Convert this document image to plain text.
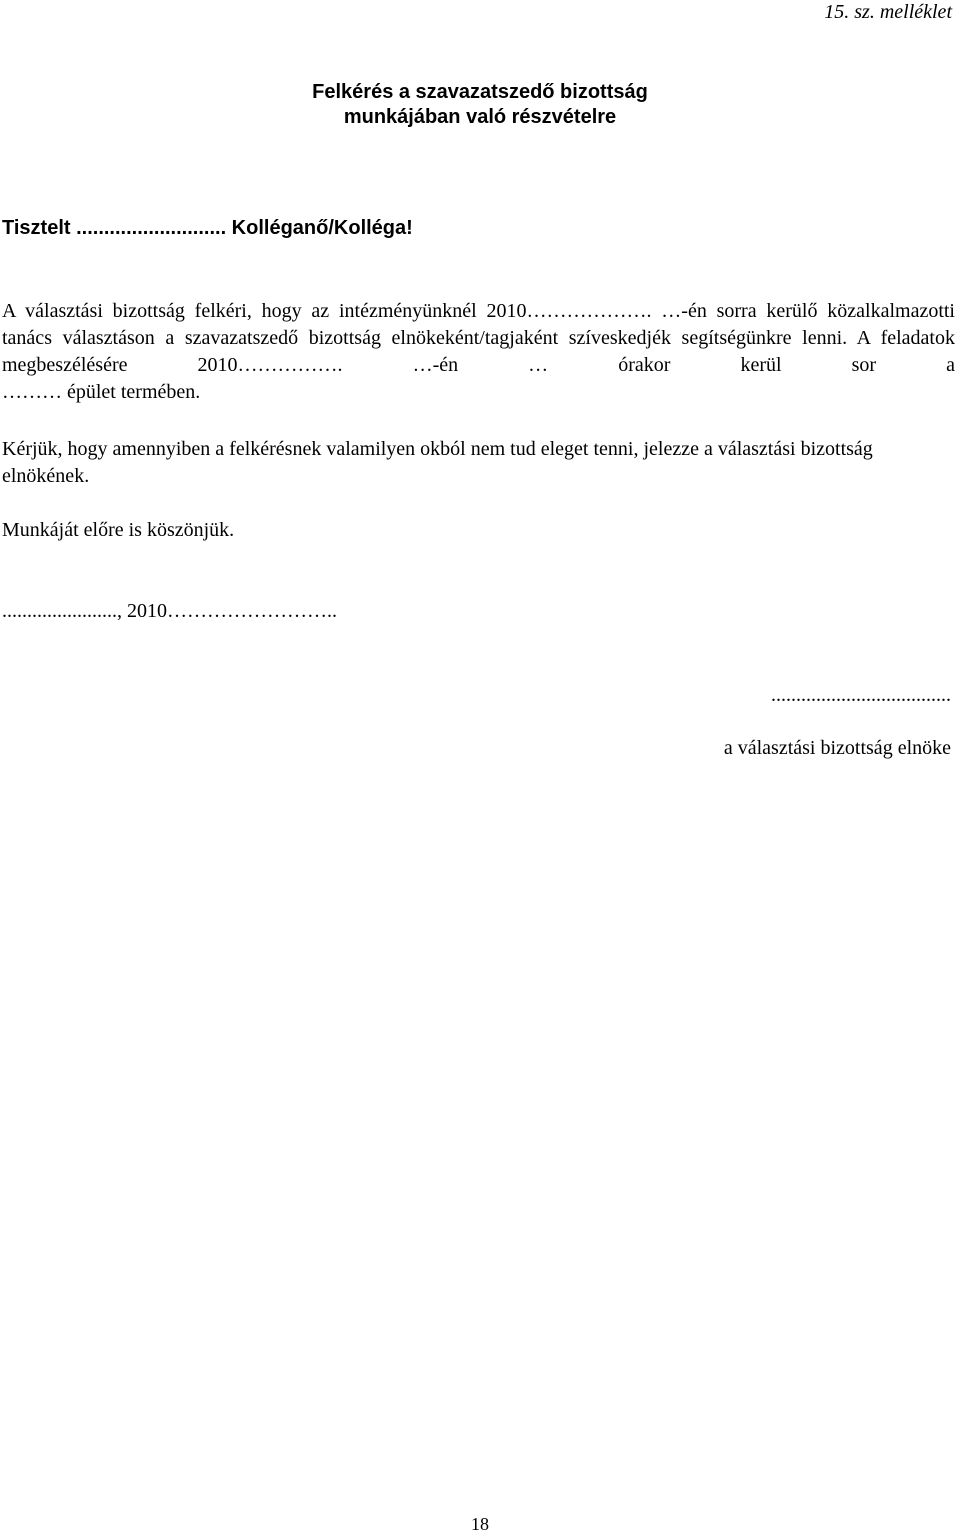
15. sz. melléklet
Felkérés a szavazatszedő bizottság
munkájában való részvételre
Tisztelt ........................... Kolléganő/Kolléga!
A választási bizottság felkéri, hogy az intézményünknél 2010………………. …-én sorra kerülő közalkalmazotti tanács választáson a szavazatszedő bizottság elnökeként/tagjaként szíveskedjék segítségünkre lenni. A feladatok megbeszélésére 2010……………. …-én … órakor kerül sor a
……… épület termében.
Kérjük, hogy amennyiben a felkérésnek valamilyen okból nem tud eleget tenni, jelezze a választási bizottság elnökének.
Munkáját előre is köszönjük.
......................., 2010……………………..
....................................
a választási bizottság elnöke
18
